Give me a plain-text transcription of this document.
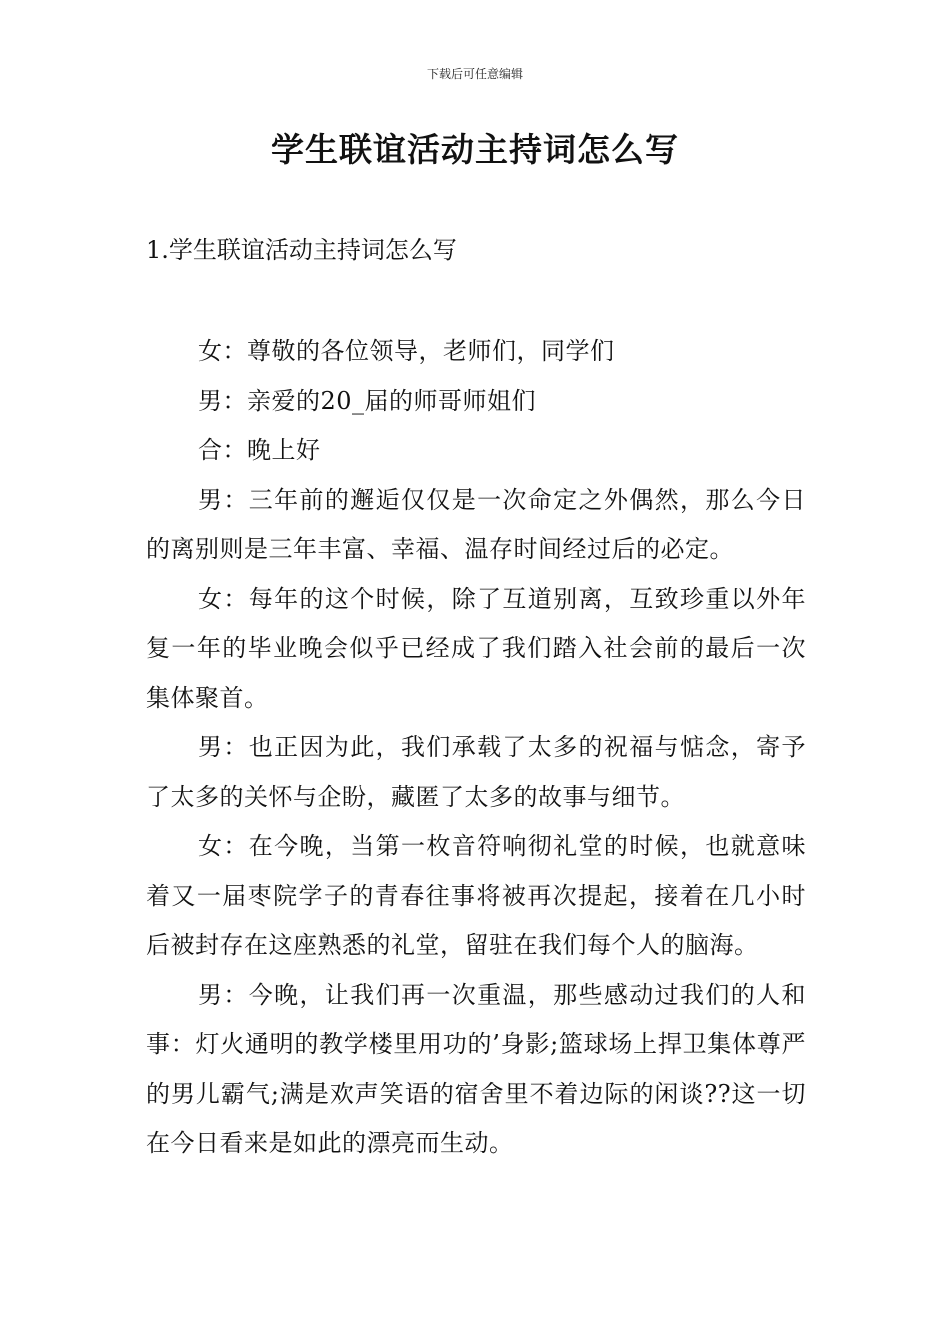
下载后可任意编辑
学生联谊活动主持词怎么写
1.学生联谊活动主持词怎么写

女：尊敬的各位领导，老师们，同学们

男：亲爱的20_届的师哥师姐们

合：晚上好

男：三年前的邂逅仅仅是一次命定之外偶然，那么今日的离别则是三年丰富、幸福、温存时间经过后的必定。

女：每年的这个时候，除了互道别离，互致珍重以外年复一年的毕业晚会似乎已经成了我们踏入社会前的最后一次集体聚首。

男：也正因为此，我们承载了太多的祝福与惦念，寄予了太多的关怀与企盼，藏匿了太多的故事与细节。

女：在今晚，当第一枚音符响彻礼堂的时候，也就意味着又一届枣院学子的青春往事将被再次提起，接着在几小时后被封存在这座熟悉的礼堂，留驻在我们每个人的脑海。

男：今晚，让我们再一次重温，那些感动过我们的人和事：灯火通明的教学楼里用功的’身影;篮球场上捍卫集体尊严的男儿霸气;满是欢声笑语的宿舍里不着边际的闲谈??这一切在今日看来是如此的漂亮而生动。
